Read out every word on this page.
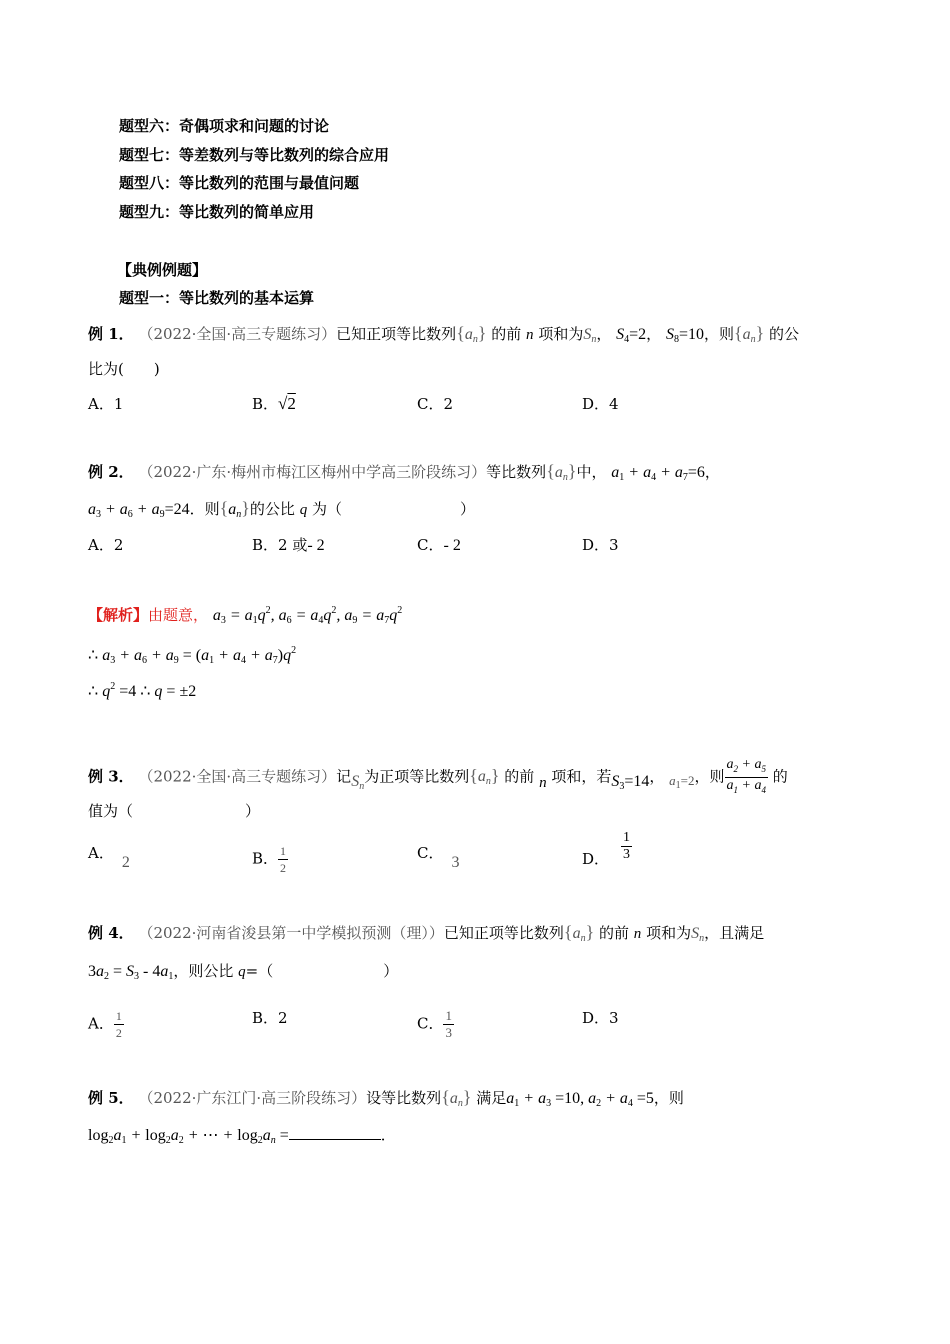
题型六：奇偶项求和问题的讨论
题型七：等差数列与等比数列的综合应用
题型八：等比数列的范围与最值问题
题型九：等比数列的简单应用
【典例例题】
题型一：等比数列的基本运算
例 1． （2022·全国·高三专题练习）已知正项等比数列$\{a_n\}$ 的前 n 项和为$S_n$， $S_4=2$， $S_8=10$，则$\{a_n\}$ 的公
比为(　　)
A．1	B．√2	C．2	D．4
例 2． （2022·广东·梅州市梅江区梅州中学高三阶段练习）等比数列$\{a_n\}$中， $a_1 + a_4 + a_7=6$，
$a_3 + a_6 + a_9=24$．则$\{a_n\}$的公比 q 为（	）
A．2	B．2 或- 2	C．- 2	D．3
【解析】由题意， $a_3 = a_1q^2$, $a_6 = a_4q^2$, $a_9 = a_7q^2$
∴ $a_3 + a_6 + a_9 = (a_1 + a_4 + a_7)q^2$
∴ $q^2 =4$ ∴ q = ±2
例 3． （2022·全国·高三专题练习）记$S_n$为正项等比数列$\{a_n\}$ 的前 n 项和，若$S_3=14$， $a_1=2$，则 $\frac{a_2 + a_5}{a_1 + a_4}$ 的
值为（	）
A．2	B． $\frac{1}{2}$	C．3	D． $\frac{1}{3}$
例 4． （2022·河南省浚县第一中学模拟预测（理））已知正项等比数列$\{a_n\}$ 的前 n 项和为$S_n$，且满足
$3a_2 = S_3 - 4a_1$，则公比 q=（	）
A． $\frac{1}{2}$	B．2	C． $\frac{1}{3}$	D．3
例 5． （2022·广东江门·高三阶段练习）设等比数列$\{a_n\}$ 满足$a_1 + a_3 =10$, $a_2 + a_4 =5$，则
$\log_2a_1 + \log_2a_2$ + ⋯ + $\log_2a_n$ =	．
